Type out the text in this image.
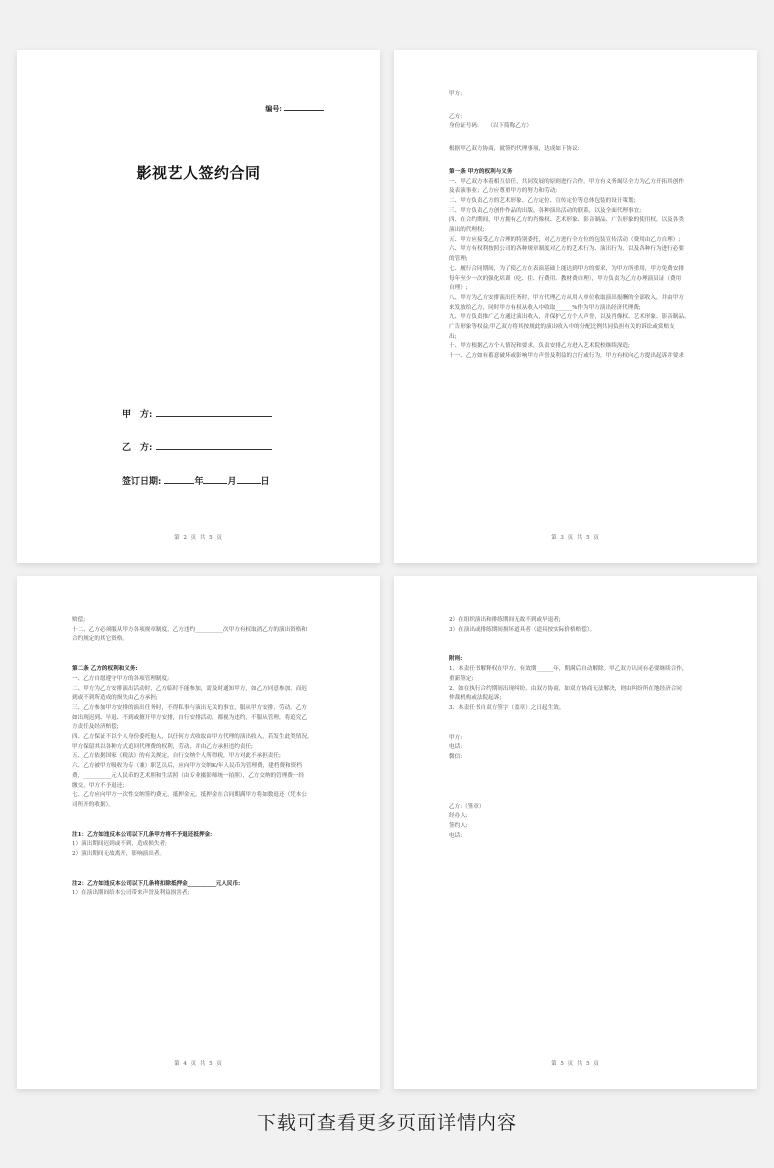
编号:
影视艺人签约合同
甲　方:
乙　方:
签订日期:	年	月	日
第 2 页 共 5 页

甲方:

乙方:

身份证号码:　　（以下简称乙方）

根据甲乙双方协商，就签约代理事项，达成如下协议:

第一条 甲方的权利与义务

一、甲乙双方本着相互信任、共同发展的原则进行合作。甲方有义务竭尽全力为乙方开拓其创作

及表演事业；乙方应尊重甲方的努力和劳动;

二、甲方负责乙方的艺术形象、乙方定位、宣传定位等总体包装的设计策划;

三、甲方负责乙方创作作品的出版、各种演出活动的联系，以及全面代理事宜;

四、在合约期间，甲方拥有乙方的肖像权、艺术形象、影音制品、广告形象的使用权，以及各类

演出的代理权;

五、甲方应接受乙方合理的特别委托，对乙方进行全方位的包装宣传活动（费用由乙方自理）;

六、甲方有权利按照公司的各种规章制度对乙方的艺术行为、演出行为，以及各种行为进行必要

的管理;

七、履行合同期间，为了使乙方在表演基础上能达到甲方的要求，为甲方所重用，甲方免费安排

每年至少一次的强化培训（吃、住、行费用、教材费自理），甲方负责为乙方办理演员证（费用

自理）;

八、甲方为乙方安排演出任务时，甲方代理乙方从用人单位收取演出报酬的全部收入，并由甲方

来发放给乙方，同时甲方有权从收入中收取______%作为甲方演出经济代理费;

九、甲方负责推广乙方通过演出收入，并保护乙方个人声誉，以及肖像权、艺术形象、影音制品、

广告形象等权益;甲乙双方将其按规此的演出收入中的分配比例共同负担有关的诉讼或赏赔支

出;

十、甲方根据乙方个人情况和要求，负责安排乙方进入艺术院校继续深造;

十一、乙方如有蓄意破坏或影响甲方声誉及利益的言行或行为，甲方有权向乙方提出起诉并要求

第 3 页 共 5 页

赔偿;

十二、乙方必须服从甲方各项规章制度，乙方违约__________次甲方有权取消乙方的演出资格和

合约规定的其它资格。

第二条 乙方的权利和义务:

一、乙方自愿遵守甲方的各项管理制度;

二、甲方为乙方安排演出活动时，乙方临时不能参加，需及时通知甲方，如乙方同意参加，而迟

到或不到所造成的损失由乙方承担;

三、乙方参加甲方安排的演出任务时，不得私事与演出无关的事宜，服从甲方安排，劳动。乙方

如出现迟到、早退、不到或擅开甲方安排，自行安排活动，都视为违约，不服从管理，将追究乙

方责任及经济赔偿;

四、乙方保证不以个人身份委托他人，以任何方式收取由甲方代理的演出收入，若发生此类情况，

甲方保留其以各种方式追回代理费的权利，劳动，并由乙方承担违约责任;

五、乙方依据国家《税法》的有关规定，自行交纳个人所得税，甲方对此不承担责任;

六、乙方被甲方吸收为专（兼）职艺员后，应向甲方交纳K/年人民币为管理费，建档费和资档

费，__________元人民币的艺术照和生活照（由专业摄影师统一拍照），乙方交纳的管理费一经

缴交，甲方不予退还;

七、乙方应向甲方一次性交纳签约费元，抵押金元，抵押金在合同期满甲方将如数退还（凭本公

司所开的收据）。

注1：乙方如违反本公司以下几条甲方将不予退还抵押金:

1）演出期间迟到或不到，造成损失者;

2）演出期间无故离开，影响演出者。

注2：乙方如违反本公司以下几条将扣除抵押金__________元人民币:

1）在演出期间给本公司带来声誉及利益损害者;

第 4 页 共 5 页

2）在组织演出和排练期间无故不到或早退者;

3）在演出或排练期间损坏道具者（道具按实际价格赔偿）。

附则:

1、本责任书解释权在甲方。有效期______年，期满后自动解除。甲乙双方认同有必要继续合作，

重新签定;

2、如在执行合约期间出现纠纷，由双方协商，如双方协商无法解决，则由纠纷所在地经济合同

仲裁机构或法院起诉;

3、本责任书自双方签字（盖章）之日起生效。

甲方:

电话:

微信:

乙方:（签章）

经办人:

签约人:

电话:

第 5 页 共 5 页
下载可查看更多页面详情内容
